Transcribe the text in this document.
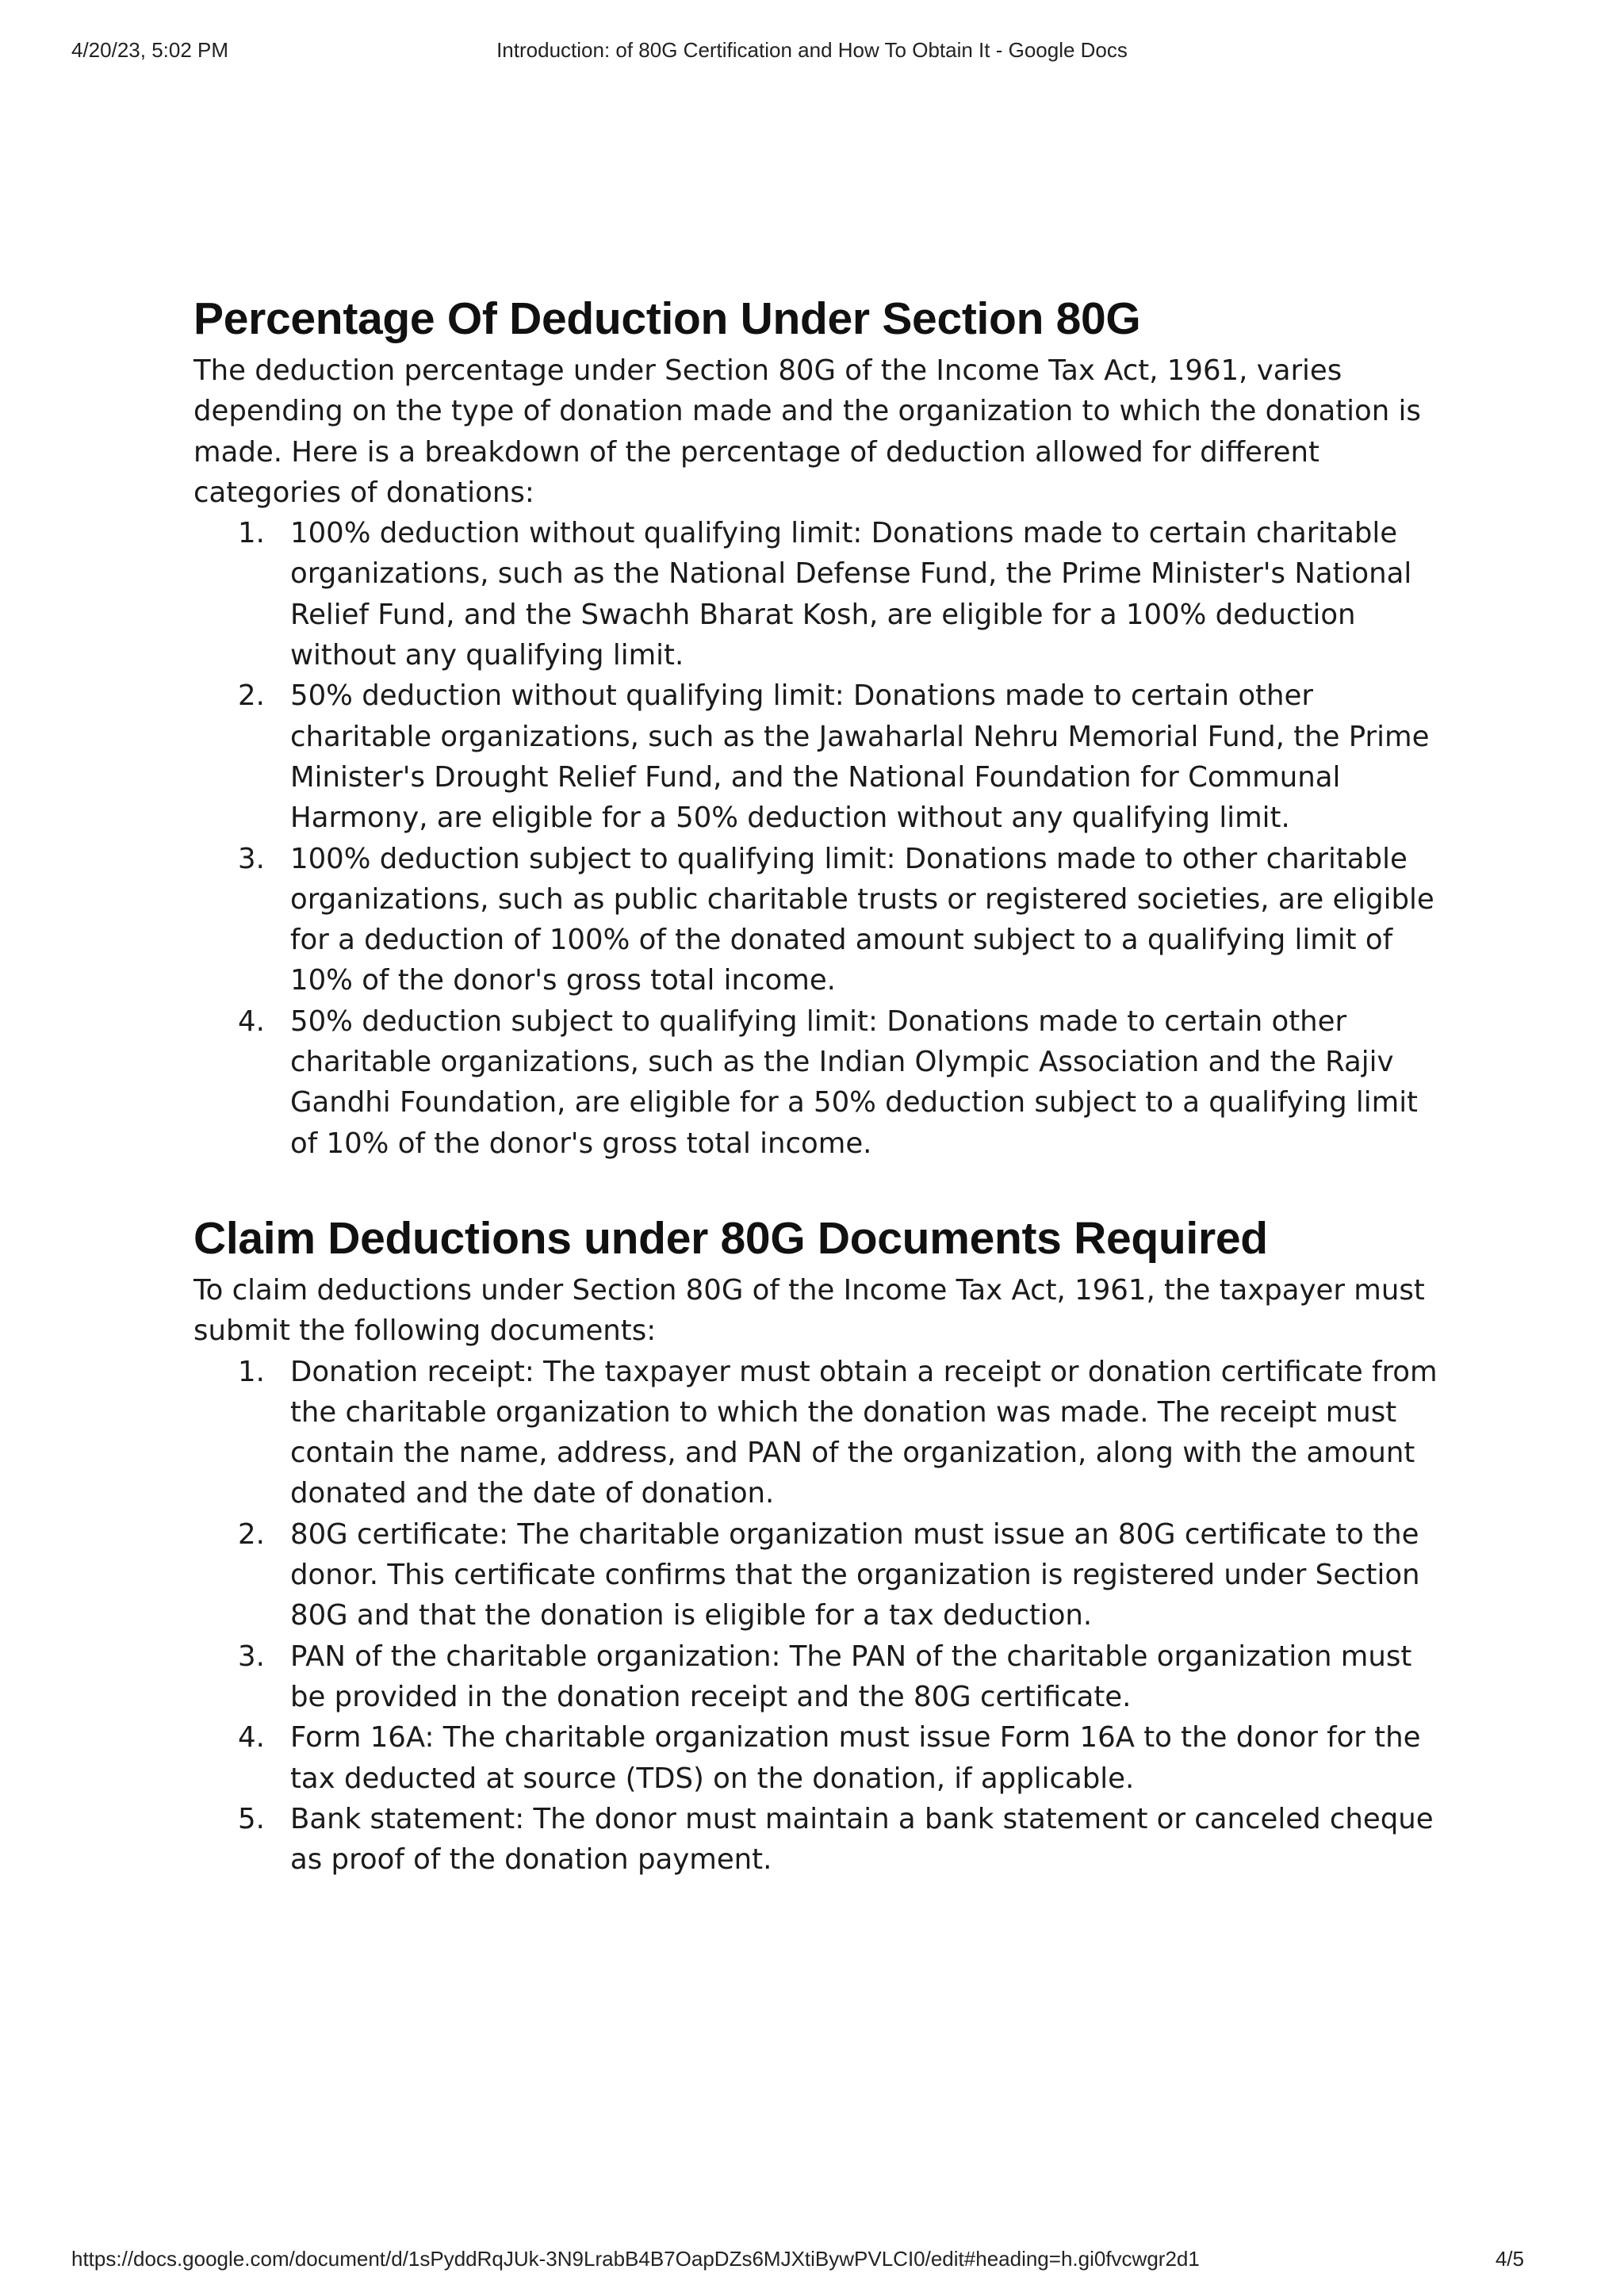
4/20/23, 5:02 PM	Introduction: of 80G Certification and How To Obtain It - Google Docs
Percentage Of Deduction Under Section 80G

The deduction percentage under Section 80G of the Income Tax Act, 1961, varies depending on the type of donation made and the organization to which the donation is made. Here is a breakdown of the percentage of deduction allowed for different categories of donations:

1. 100% deduction without qualifying limit: Donations made to certain charitable organizations, such as the National Defense Fund, the Prime Minister's National Relief Fund, and the Swachh Bharat Kosh, are eligible for a 100% deduction without any qualifying limit.
2. 50% deduction without qualifying limit: Donations made to certain other charitable organizations, such as the Jawaharlal Nehru Memorial Fund, the Prime Minister's Drought Relief Fund, and the National Foundation for Communal Harmony, are eligible for a 50% deduction without any qualifying limit.
3. 100% deduction subject to qualifying limit: Donations made to other charitable organizations, such as public charitable trusts or registered societies, are eligible for a deduction of 100% of the donated amount subject to a qualifying limit of 10% of the donor's gross total income.
4. 50% deduction subject to qualifying limit: Donations made to certain other charitable organizations, such as the Indian Olympic Association and the Rajiv Gandhi Foundation, are eligible for a 50% deduction subject to a qualifying limit of 10% of the donor's gross total income.
Claim Deductions under 80G Documents Required

To claim deductions under Section 80G of the Income Tax Act, 1961, the taxpayer must submit the following documents:

1. Donation receipt: The taxpayer must obtain a receipt or donation certificate from the charitable organization to which the donation was made. The receipt must contain the name, address, and PAN of the organization, along with the amount donated and the date of donation.
2. 80G certificate: The charitable organization must issue an 80G certificate to the donor. This certificate confirms that the organization is registered under Section 80G and that the donation is eligible for a tax deduction.
3. PAN of the charitable organization: The PAN of the charitable organization must be provided in the donation receipt and the 80G certificate.
4. Form 16A: The charitable organization must issue Form 16A to the donor for the tax deducted at source (TDS) on the donation, if applicable.
5. Bank statement: The donor must maintain a bank statement or canceled cheque as proof of the donation payment.
https://docs.google.com/document/d/1sPyddRqJUk-3N9LrabB4B7OapDZs6MJXtiBywPVLCI0/edit#heading=h.gi0fvcwgr2d1	4/5
